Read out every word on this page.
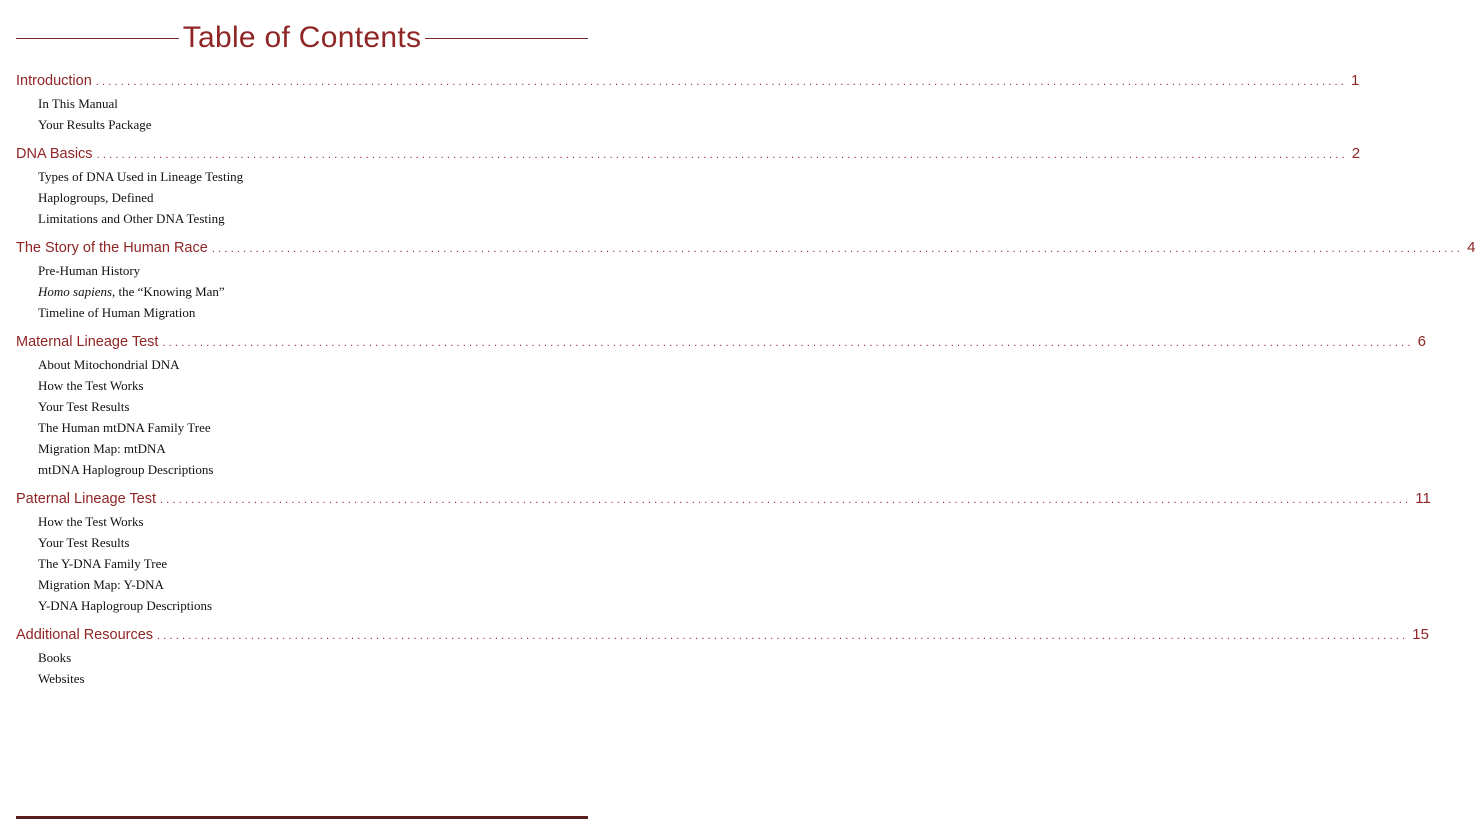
Table of Contents
Introduction ........................................................................................................................................................................................................ 1
In This Manual
Your Results Package
DNA Basics ........................................................................................................................................................................................................ 2
Types of DNA Used in Lineage Testing
Haplogroups, Defined
Limitations and Other DNA Testing
The Story of the Human Race ........................................................................................................................................................................................................ 4
Pre-Human History
Homo sapiens, the “Knowing Man”
Timeline of Human Migration
Maternal Lineage Test ........................................................................................................................................................................................................ 6
About Mitochondrial DNA
How the Test Works
Your Test Results
The Human mtDNA Family Tree
Migration Map: mtDNA
mtDNA Haplogroup Descriptions
Paternal Lineage Test ........................................................................................................................................................................................................ 11
How the Test Works
Your Test Results
The Y-DNA Family Tree
Migration Map: Y-DNA
Y-DNA Haplogroup Descriptions
Additional Resources ........................................................................................................................................................................................................ 15
Books
Websites
